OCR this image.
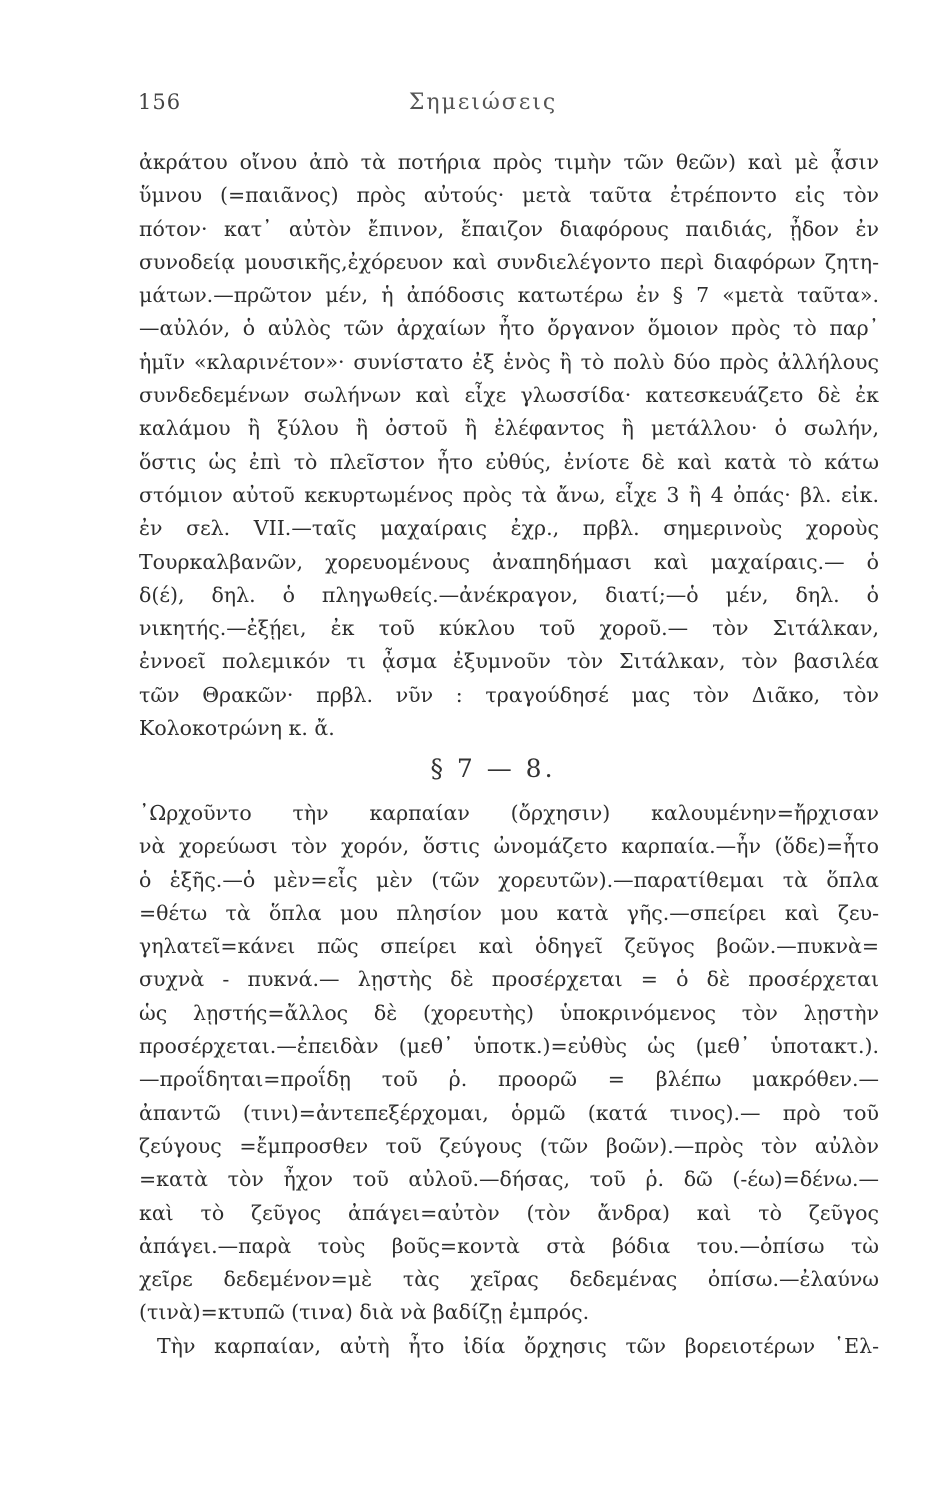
156	Σημειώσεις
ἀκράτου οἴνου ἀπὸ τὰ ποτήρια πρὸς τιμὴν τῶν θεῶν) καὶ μὲ ᾆσιν
ὕμνου (=παιᾶνος) πρὸς αὐτούς· μετὰ ταῦτα ἐτρέποντο εἰς τὸν
πότον· κατ᾿ αὐτὸν ἔπινον, ἔπαιζον διαφόρους παιδιάς, ᾖδον ἐν
συνοδείᾳ μουσικῆς,ἐχόρευον καὶ συνδιελέγοντο περὶ διαφόρων ζητη-
μάτων.—πρῶτον μέν, ἡ ἀπόδοσις κατωτέρω ἐν § 7 «μετὰ ταῦτα».
—αὐλόν, ὁ αὐλὸς τῶν ἀρχαίων ἦτο ὄργανον ὅμοιον πρὸς τὸ παρ᾿
ἡμῖν «κλαρινέτον»· συνίστατο ἐξ ἑνὸς ἢ τὸ πολὺ δύο πρὸς ἀλλήλους
συνδεδεμένων σωλήνων καὶ εἶχε γλωσσίδα· κατεσκευάζετο δὲ ἐκ
καλάμου ἢ ξύλου ἢ ὀστοῦ ἢ ἐλέφαντος ἢ μετάλλου· ὁ σωλήν,
ὅστις ὡς ἐπὶ τὸ πλεῖστον ἦτο εὐθύς, ἐνίοτε δὲ καὶ κατὰ τὸ κάτω
στόμιον αὐτοῦ κεκυρτωμένος πρὸς τὰ ἄνω, εἶχε 3 ἢ 4 ὀπάς· βλ. εἰκ.
ἐν σελ. VII.—ταῖς μαχαίραις ἐχρ., πρβλ. σημερινοὺς χοροὺς
Τουρκαλβανῶν, χορευομένους ἀναπηδήμασι καὶ μαχαίραις.— ὁ
δ(έ), δηλ. ὁ πληγωθείς.—ἀνέκραγον, διατί;—ὁ μέν, δηλ. ὁ
νικητής.—ἐξῄει, ἐκ τοῦ κύκλου τοῦ χοροῦ.— τὸν Σιτάλκαν,
ἐννοεῖ πολεμικόν τι ᾆσμα ἐξυμνοῦν τὸν Σιτάλκαν, τὸν βασιλέα
τῶν Θρακῶν· πρβλ. νῦν : τραγούδησέ μας τὸν Διᾶκο, τὸν
Κολοκοτρώνη κ. ἄ.
§ 7 — 8.
᾿Ωρχοῦντο τὴν καρπαίαν (ὄρχησιν) καλουμένην=ἤρχισαν
νὰ χορεύωσι τὸν χορόν, ὅστις ὠνομάζετο καρπαία.—ἦν (ὅδε)=ἦτο
ὁ ἑξῆς.—ὁ μὲν=εἷς μὲν (τῶν χορευτῶν).—παρατίθεμαι τὰ ὅπλα
=θέτω τὰ ὅπλα μου πλησίον μου κατὰ γῆς.—σπείρει καὶ ζευ-
γηλατεῖ=κάνει πῶς σπείρει καὶ ὁδηγεῖ ζεῦγος βοῶν.—πυκνὰ=
συχνὰ - πυκνά.— λῃστὴς δὲ προσέρχεται = ὁ δὲ προσέρχεται
ὡς λῃστής=ἄλλος δὲ (χορευτὴς) ὑποκρινόμενος τὸν λῃστὴν
προσέρχεται.—ἐπειδὰν (μεθ᾿ ὑποτκ.)=εὐθὺς ὡς (μεθ᾿ ὑποτακτ.).
—προΐδηται=προΐδῃ τοῦ ῥ. προορῶ = βλέπω μακρόθεν.—
ἀπαντῶ (τινι)=ἀντεπεξέρχομαι, ὁρμῶ (κατά τινος).— πρὸ τοῦ
ζεύγους =ἔμπροσθεν τοῦ ζεύγους (τῶν βοῶν).—πρὸς τὸν αὐλὸν
=κατὰ τὸν ἦχον τοῦ αὐλοῦ.—δήσας, τοῦ ῥ. δῶ (-έω)=δένω.—
καὶ τὸ ζεῦγος ἀπάγει=αὐτὸν (τὸν ἄνδρα) καὶ τὸ ζεῦγος
ἀπάγει.—παρὰ τοὺς βοῦς=κοντὰ στὰ βόδια του.—ὀπίσω τὼ
χεῖρε δεδεμένον=μὲ τὰς χεῖρας δεδεμένας ὀπίσω.—ἐλαύνω
(τινὰ)=κτυπῶ (τινα) διὰ νὰ βαδίζῃ ἐμπρός.
Τὴν καρπαίαν, αὐτὴ ἦτο ἰδία ὄρχησις τῶν βορειοτέρων ῾Ελ-
